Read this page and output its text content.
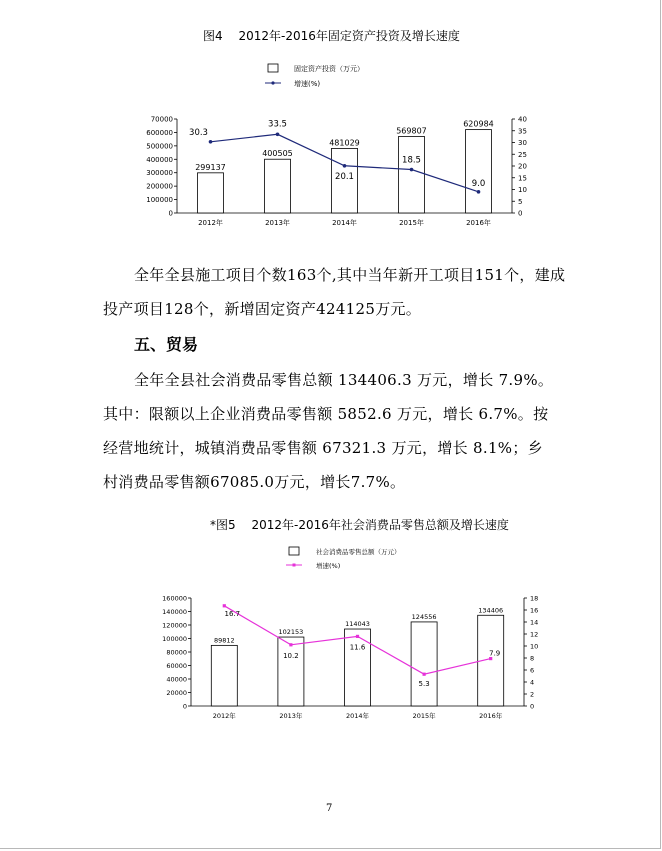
图4　 2012年-2016年固定资产投资及增长速度
固定资产投资（万元）
增速(%)
0
100000
200000
300000
400000
500000
600000
70000
0
5
10
15
20
25
30
35
40
299137
2012年
400505
2013年
481029
2014年
569807
2015年
620984
2016年
30.3
33.5
20.1
18.5
9.0

全年全县施工项目个数163个,其中当年新开工项目151个，建成投产项目128个，新增固定资产424125万元。

五、贸易

全年全县社会消费品零售总额 134406.3 万元，增长 7.9%。

其中：限额以上企业消费品零售额 5852.6 万元，增长 6.7%。按

经营地统计，城镇消费品零售额 67321.3 万元，增长 8.1%；乡

村消费品零售额67085.0万元，增长7.7%。

*图5　 2012年-2016年社会消费品零售总额及增长速度
社会消费品零售总额（万元）
增速(%)
0
20000
40000
60000
80000
100000
120000
140000
160000
0
2
4
6
8
10
12
14
16
18
89812
2012年
102153
2013年
114043
2014年
124556
2015年
134406
2016年
16.7
10.2
11.6
5.3
7.9
7
